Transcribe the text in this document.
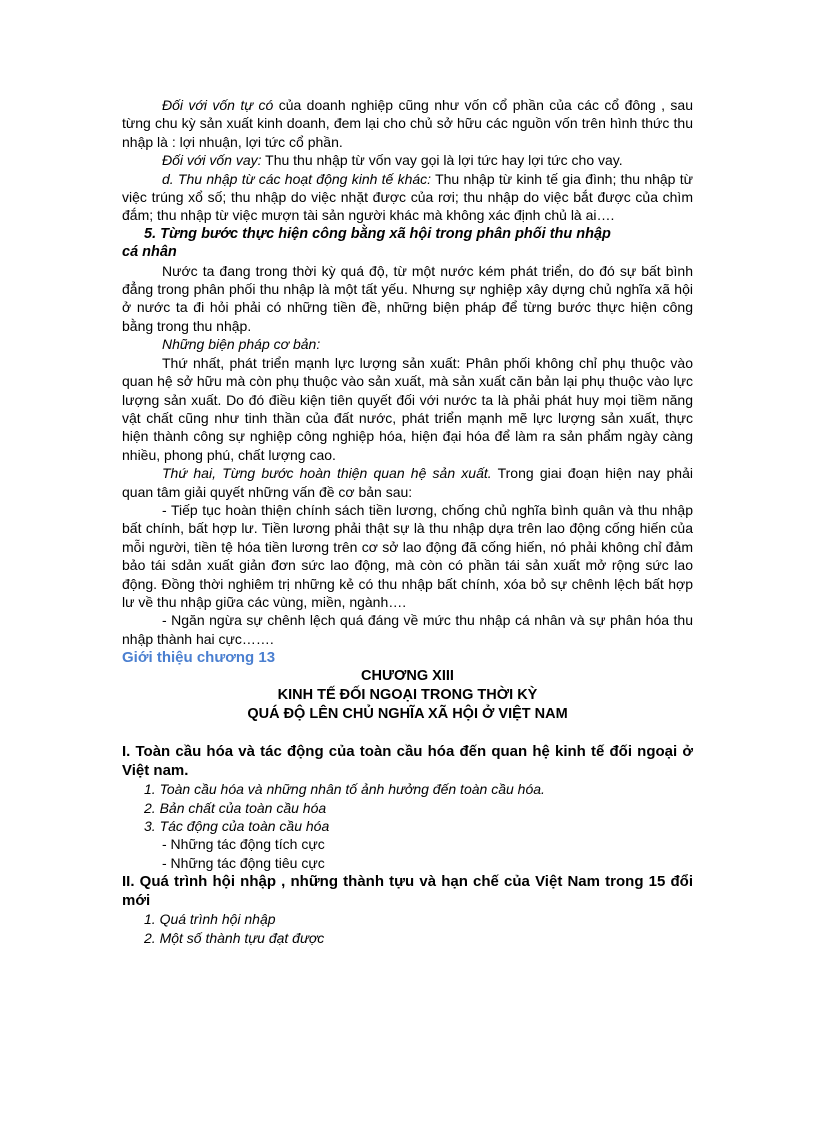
Đối với vốn tự có của doanh nghiệp cũng như vốn cổ phần của các cổ đông , sau từng chu kỳ sản xuất kinh doanh, đem lại cho chủ sở hữu các nguồn vốn trên hình thức thu nhập là : lợi nhuận, lợi tức cổ phần.

Đối với vốn vay: Thu thu nhập từ vốn vay gọi là lợi tức hay lợi tức cho vay.

d. Thu nhập từ các hoạt động kinh tế khác: Thu nhập từ kinh tế gia đình; thu nhập từ việc trúng xổ số; thu nhập do việc nhặt được của rơi; thu nhập do việc bắt được của chìm đắm; thu nhập từ việc mượn tài sản người khác mà không xác định chủ là ai….

5. Từng bước thực hiện công bằng xã hội trong phân phối thu nhập
cá nhân

Nước ta đang trong thời kỳ quá độ, từ một nước kém phát triển, do đó sự bất bình đẳng trong phân phối thu nhập là một tất yếu. Nhưng sự nghiệp xây dựng chủ nghĩa xã hội ở nước ta đi hỏi phải có những tiền đề, những biện pháp để từng bước thực hiện công bằng trong thu nhập.

Những biện pháp cơ bản:

Thứ nhất, phát triển mạnh lực lượng sản xuất: Phân phối không chỉ phụ thuộc vào quan hệ sở hữu mà còn phụ thuộc vào sản xuất, mà sản xuất căn bản lại phụ thuộc vào lực lượng sản xuất. Do đó điều kiện tiên quyết đối với nước ta là phải phát huy mọi tiềm năng vật chất cũng như tinh thần của đất nước, phát triển mạnh mẽ lực lượng sản xuất, thực hiện thành công sự nghiệp công nghiệp hóa, hiện đại hóa để làm ra sản phẩm ngày càng nhiều, phong phú, chất lượng cao.

Thứ hai, Từng bước hoàn thiện quan hệ sản xuất. Trong giai đoạn hiện nay phải quan tâm giải quyết những vấn đề cơ bản sau:

- Tiếp tục hoàn thiện chính sách tiền lương, chống chủ nghĩa bình quân và thu nhập bất chính, bất hợp lư. Tiền lương phải thật sự là thu nhập dựa trên lao động cống hiến của mỗi người, tiền tệ hóa tiền lương trên cơ sở lao động đã cống hiến, nó phải không chỉ đảm bảo tái sdản xuất giản đơn sức lao động, mà còn có phần tái sản xuất mở rộng sức lao động. Đồng thời nghiêm trị những kẻ có thu nhập bất chính, xóa bỏ sự chênh lệch bất hợp lư về thu nhập giữa các vùng, miền, ngành….

- Ngăn ngừa sự chênh lệch quá đáng về mức thu nhập cá nhân và sự phân hóa thu nhập thành hai cực…….

Giới thiệu chương 13

CHƯƠNG XIII

KINH TẾ ĐỐI NGOẠI TRONG THỜI KỲ

QUÁ ĐỘ LÊN CHỦ NGHĨA XÃ HỘI Ở VIỆT NAM

I. Toàn cầu hóa và tác động của toàn cầu hóa đến quan hệ kinh tế đối ngoại ở Việt nam.

1. Toàn cầu hóa và những nhân tố ảnh hưởng đến toàn cầu hóa.

2. Bản chất của toàn cầu hóa

3. Tác động của toàn cầu hóa

- Những tác động tích cực

- Những tác động tiêu cực

II. Quá trình hội nhập , những thành tựu và hạn chế của Việt Nam trong 15 đổi mới

1. Quá trình hội nhập

2. Một số thành tựu đạt được
